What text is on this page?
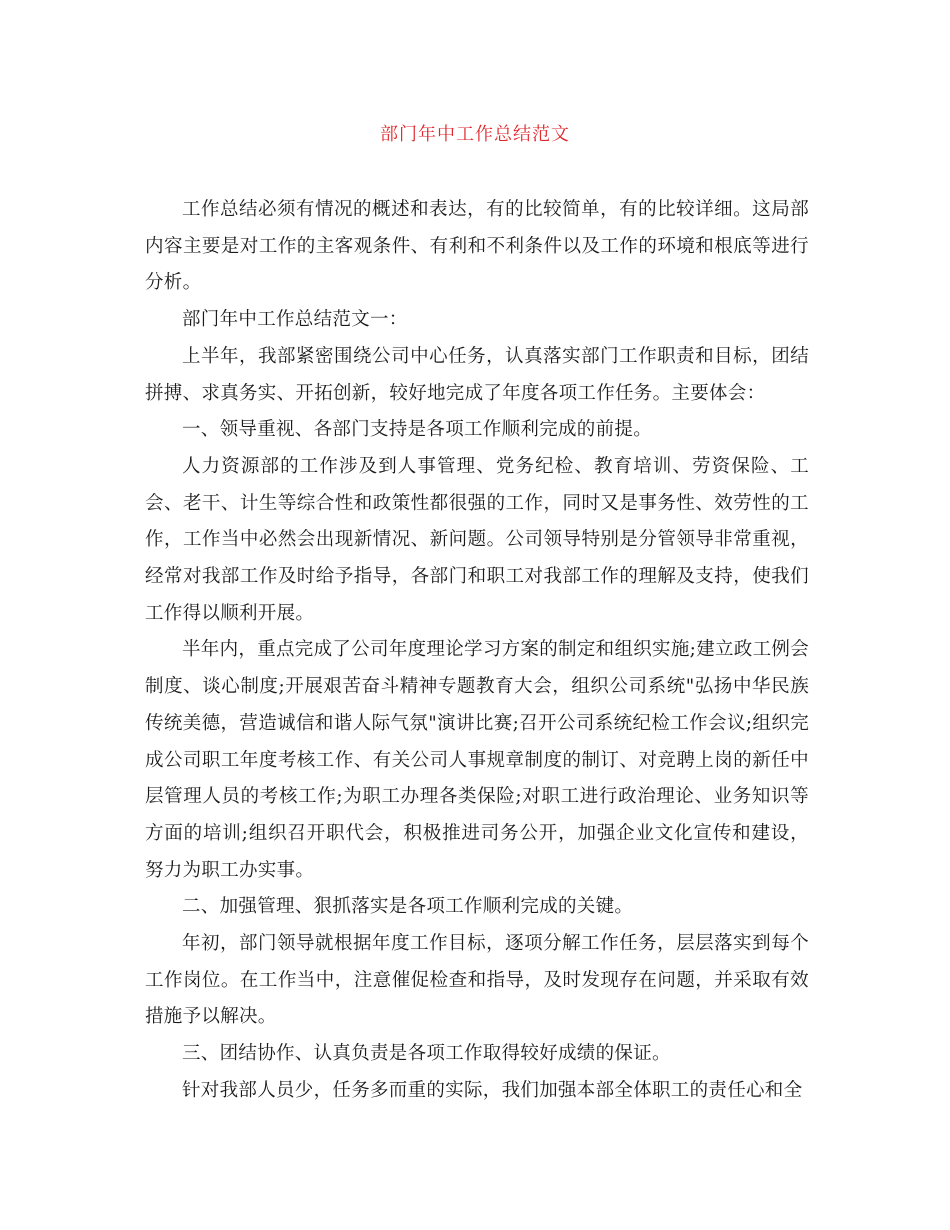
部门年中工作总结范文

工作总结必须有情况的概述和表达，有的比较简单，有的比较详细。这局部内容主要是对工作的主客观条件、有利和不利条件以及工作的环境和根底等进行分析。

部门年中工作总结范文一：

上半年，我部紧密围绕公司中心任务，认真落实部门工作职责和目标，团结拼搏、求真务实、开拓创新，较好地完成了年度各项工作任务。主要体会：

一、领导重视、各部门支持是各项工作顺利完成的前提。

人力资源部的工作涉及到人事管理、党务纪检、教育培训、劳资保险、工会、老干、计生等综合性和政策性都很强的工作，同时又是事务性、效劳性的工作，工作当中必然会出现新情况、新问题。公司领导特别是分管领导非常重视，经常对我部工作及时给予指导，各部门和职工对我部工作的理解及支持，使我们工作得以顺利开展。

半年内，重点完成了公司年度理论学习方案的制定和组织实施;建立政工例会制度、谈心制度;开展艰苦奋斗精神专题教育大会，组织公司系统"弘扬中华民族传统美德，营造诚信和谐人际气氛"演讲比赛;召开公司系统纪检工作会议;组织完成公司职工年度考核工作、有关公司人事规章制度的制订、对竞聘上岗的新任中层管理人员的考核工作;为职工办理各类保险;对职工进行政治理论、业务知识等方面的培训;组织召开职代会，积极推进司务公开，加强企业文化宣传和建设，努力为职工办实事。

二、加强管理、狠抓落实是各项工作顺利完成的关键。

年初，部门领导就根据年度工作目标，逐项分解工作任务，层层落实到每个工作岗位。在工作当中，注意催促检查和指导，及时发现存在问题，并采取有效措施予以解决。

三、团结协作、认真负责是各项工作取得较好成绩的保证。

针对我部人员少，任务多而重的实际，我们加强本部全体职工的责任心和全
